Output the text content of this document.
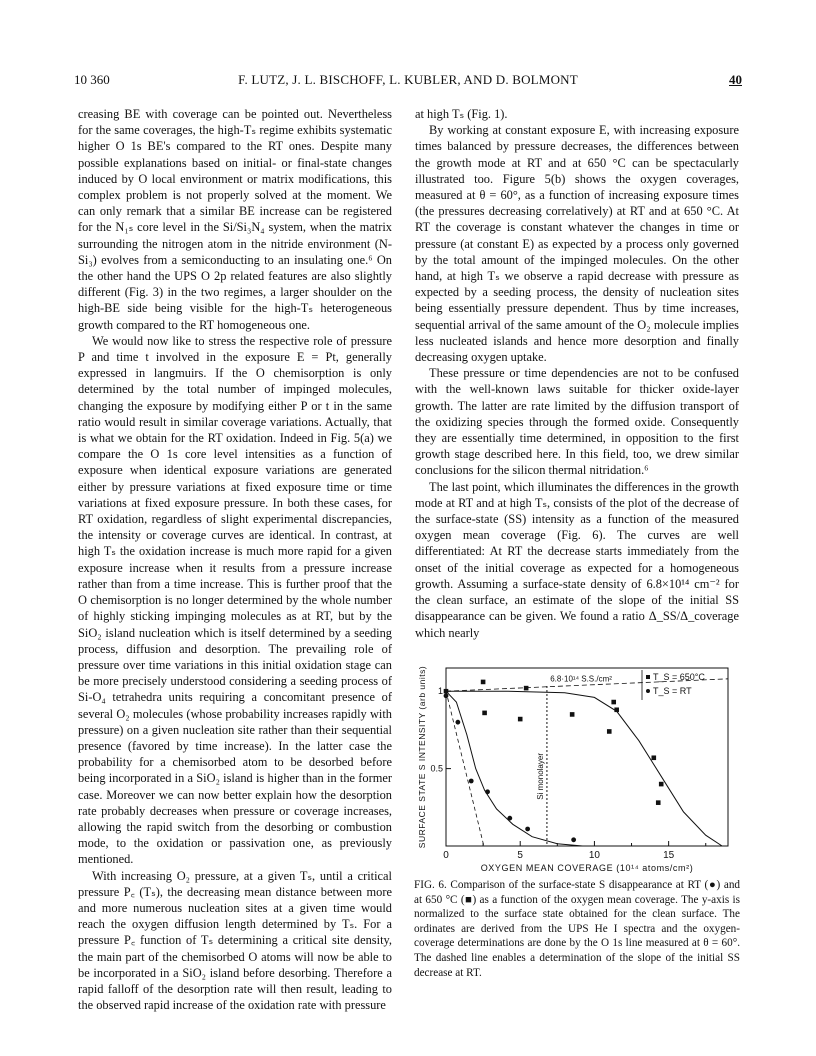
F. LUTZ, J. L. BISCHOFF, L. KUBLER, AND D. BOLMONT
10 360	40

creasing BE with coverage can be pointed out. Nevertheless for the same coverages, the high-Tₛ regime exhibits systematic higher O 1s BE's compared to the RT ones. Despite many possible explanations based on initial- or final-state changes induced by O local environment or matrix modifications, this complex problem is not properly solved at the moment. We can only remark that a similar BE increase can be registered for the N₁ₛ core level in the Si/Si₃N₄ system, when the matrix surrounding the nitrogen atom in the nitride environment (N-Si₃) evolves from a semiconducting to an insulating one.⁶ On the other hand the UPS O 2p related features are also slightly different (Fig. 3) in the two regimes, a larger shoulder on the high-BE side being visible for the high-Tₛ heterogeneous growth compared to the RT homogeneous one.

We would now like to stress the respective role of pressure P and time t involved in the exposure E = Pt, generally expressed in langmuirs. If the O chemisorption is only determined by the total number of impinged molecules, changing the exposure by modifying either P or t in the same ratio would result in similar coverage variations. Actually, that is what we obtain for the RT oxidation. Indeed in Fig. 5(a) we compare the O 1s core level intensities as a function of exposure when identical exposure variations are generated either by pressure variations at fixed exposure time or time variations at fixed exposure pressure. In both these cases, for RT oxidation, regardless of slight experimental discrepancies, the intensity or coverage curves are identical. In contrast, at high Tₛ the oxidation increase is much more rapid for a given exposure increase when it results from a pressure increase rather than from a time increase. This is further proof that the O chemisorption is no longer determined by the whole number of highly sticking impinging molecules as at RT, but by the SiO₂ island nucleation which is itself determined by a seeding process, diffusion and desorption. The prevailing role of pressure over time variations in this initial oxidation stage can be more precisely understood considering a seeding process of Si-O₄ tetrahedra units requiring a concomitant presence of several O₂ molecules (whose probability increases rapidly with pressure) on a given nucleation site rather than their sequential presence (favored by time increase). In the latter case the probability for a chemisorbed atom to be desorbed before being incorporated in a SiO₂ island is higher than in the former case. Moreover we can now better explain how the desorption rate probably decreases when pressure or coverage increases, allowing the rapid switch from the desorbing or combustion mode, to the oxidation or passivation one, as previously mentioned.

With increasing O₂ pressure, at a given Tₛ, until a critical pressure P꜀ (Tₛ), the decreasing mean distance between more and more numerous nucleation sites at a given time would reach the oxygen diffusion length determined by Tₛ. For a pressure P꜀ function of Tₛ determining a critical site density, the main part of the chemisorbed O atoms will now be able to be incorporated in a SiO₂ island before desorbing. Therefore a rapid falloff of the desorption rate will then result, leading to the observed rapid increase of the oxidation rate with pressure

at high Tₛ (Fig. 1).

By working at constant exposure E, with increasing exposure times balanced by pressure decreases, the differences between the growth mode at RT and at 650 °C can be spectacularly illustrated too. Figure 5(b) shows the oxygen coverages, measured at θ = 60°, as a function of increasing exposure times (the pressures decreasing correlatively) at RT and at 650 °C. At RT the coverage is constant whatever the changes in time or pressure (at constant E) as expected by a process only governed by the total amount of the impinged molecules. On the other hand, at high Tₛ we observe a rapid decrease with pressure as expected by a seeding process, the density of nucleation sites being essentially pressure dependent. Thus by time increases, sequential arrival of the same amount of the O₂ molecule implies less nucleated islands and hence more desorption and finally decreasing oxygen uptake.

These pressure or time dependencies are not to be confused with the well-known laws suitable for thicker oxide-layer growth. The latter are rate limited by the diffusion transport of the oxidizing species through the formed oxide. Consequently they are essentially time determined, in opposition to the first growth stage described here. In this field, too, we drew similar conclusions for the silicon thermal nitridation.⁶

The last point, which illuminates the differences in the growth mode at RT and at high Tₛ, consists of the plot of the decrease of the surface-state (SS) intensity as a function of the measured oxygen mean coverage (Fig. 6). The curves are well differentiated: At RT the decrease starts immediately from the onset of the initial coverage as expected for a homogeneous growth. Assuming a surface-state density of 6.8×10¹⁴ cm⁻² for the clean surface, an estimate of the slope of the initial SS disappearance can be given. We found a ratio Δ_SS/Δ_coverage which nearly

0	5	10	15
0.5
1
OXYGEN MEAN COVERAGE (10¹⁴ atoms/cm²)
SURFACE STATE S INTENSITY (arb units)	Si monolayer
6.8·10¹⁴ S.S./cm²	T_S = 650°C
T_S = RT
FIG. 6. Comparison of the surface-state S disappearance at RT (●) and at 650 °C (■) as a function of the oxygen mean coverage. The y-axis is normalized to the surface state obtained for the clean surface. The ordinates are derived from the UPS He I spectra and the oxygen-coverage determinations are done by the O 1s line measured at θ = 60°. The dashed line enables a determination of the slope of the initial SS decrease at RT.
